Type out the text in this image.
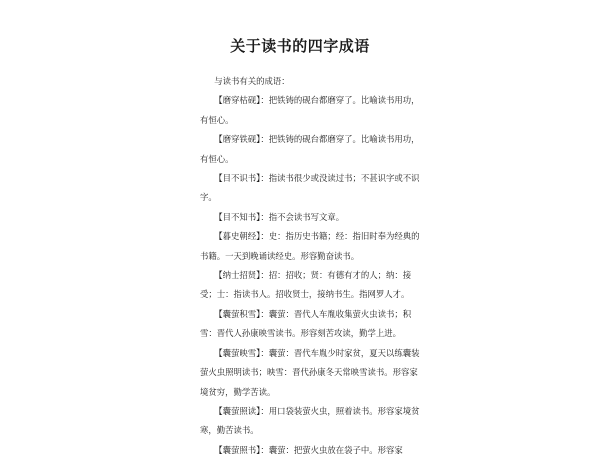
关于读书的四字成语

与读书有关的成语：

【磨穿枯砚】：把铁铸的砚台都磨穿了。比喻读书用功，有恒心。

【磨穿铁砚】：把铁铸的砚台都磨穿了。比喻读书用功，有恒心。

【目不识书】：指读书很少或没读过书；不甚识字或不识字。

【目不知书】：指不会读书写文章。

【暮史朝经】：史：指历史书籍；经：指旧时奉为经典的书籍。一天到晚诵读经史。形容勤奋读书。

【纳士招贤】：招：招收；贤：有德有才的人；纳：接受；士：指读书人。招收贤士，接纳书生。指网罗人才。

【囊萤积雪】：囊萤：晋代人车胤收集萤火虫读书；积雪：晋代人孙康映雪读书。形容刻苦攻读，勤学上进。

【囊萤映雪】：囊萤：晋代车胤少时家贫，夏天以练囊装萤火虫照明读书；映雪：晋代孙康冬天常映雪读书。形容家境贫穷，勤学苦读。

【囊萤照读】：用口袋装萤火虫，照着读书。形容家境贫寒，勤苦读书。

【囊萤照书】：囊萤：把萤火虫放在袋子中。形容家
